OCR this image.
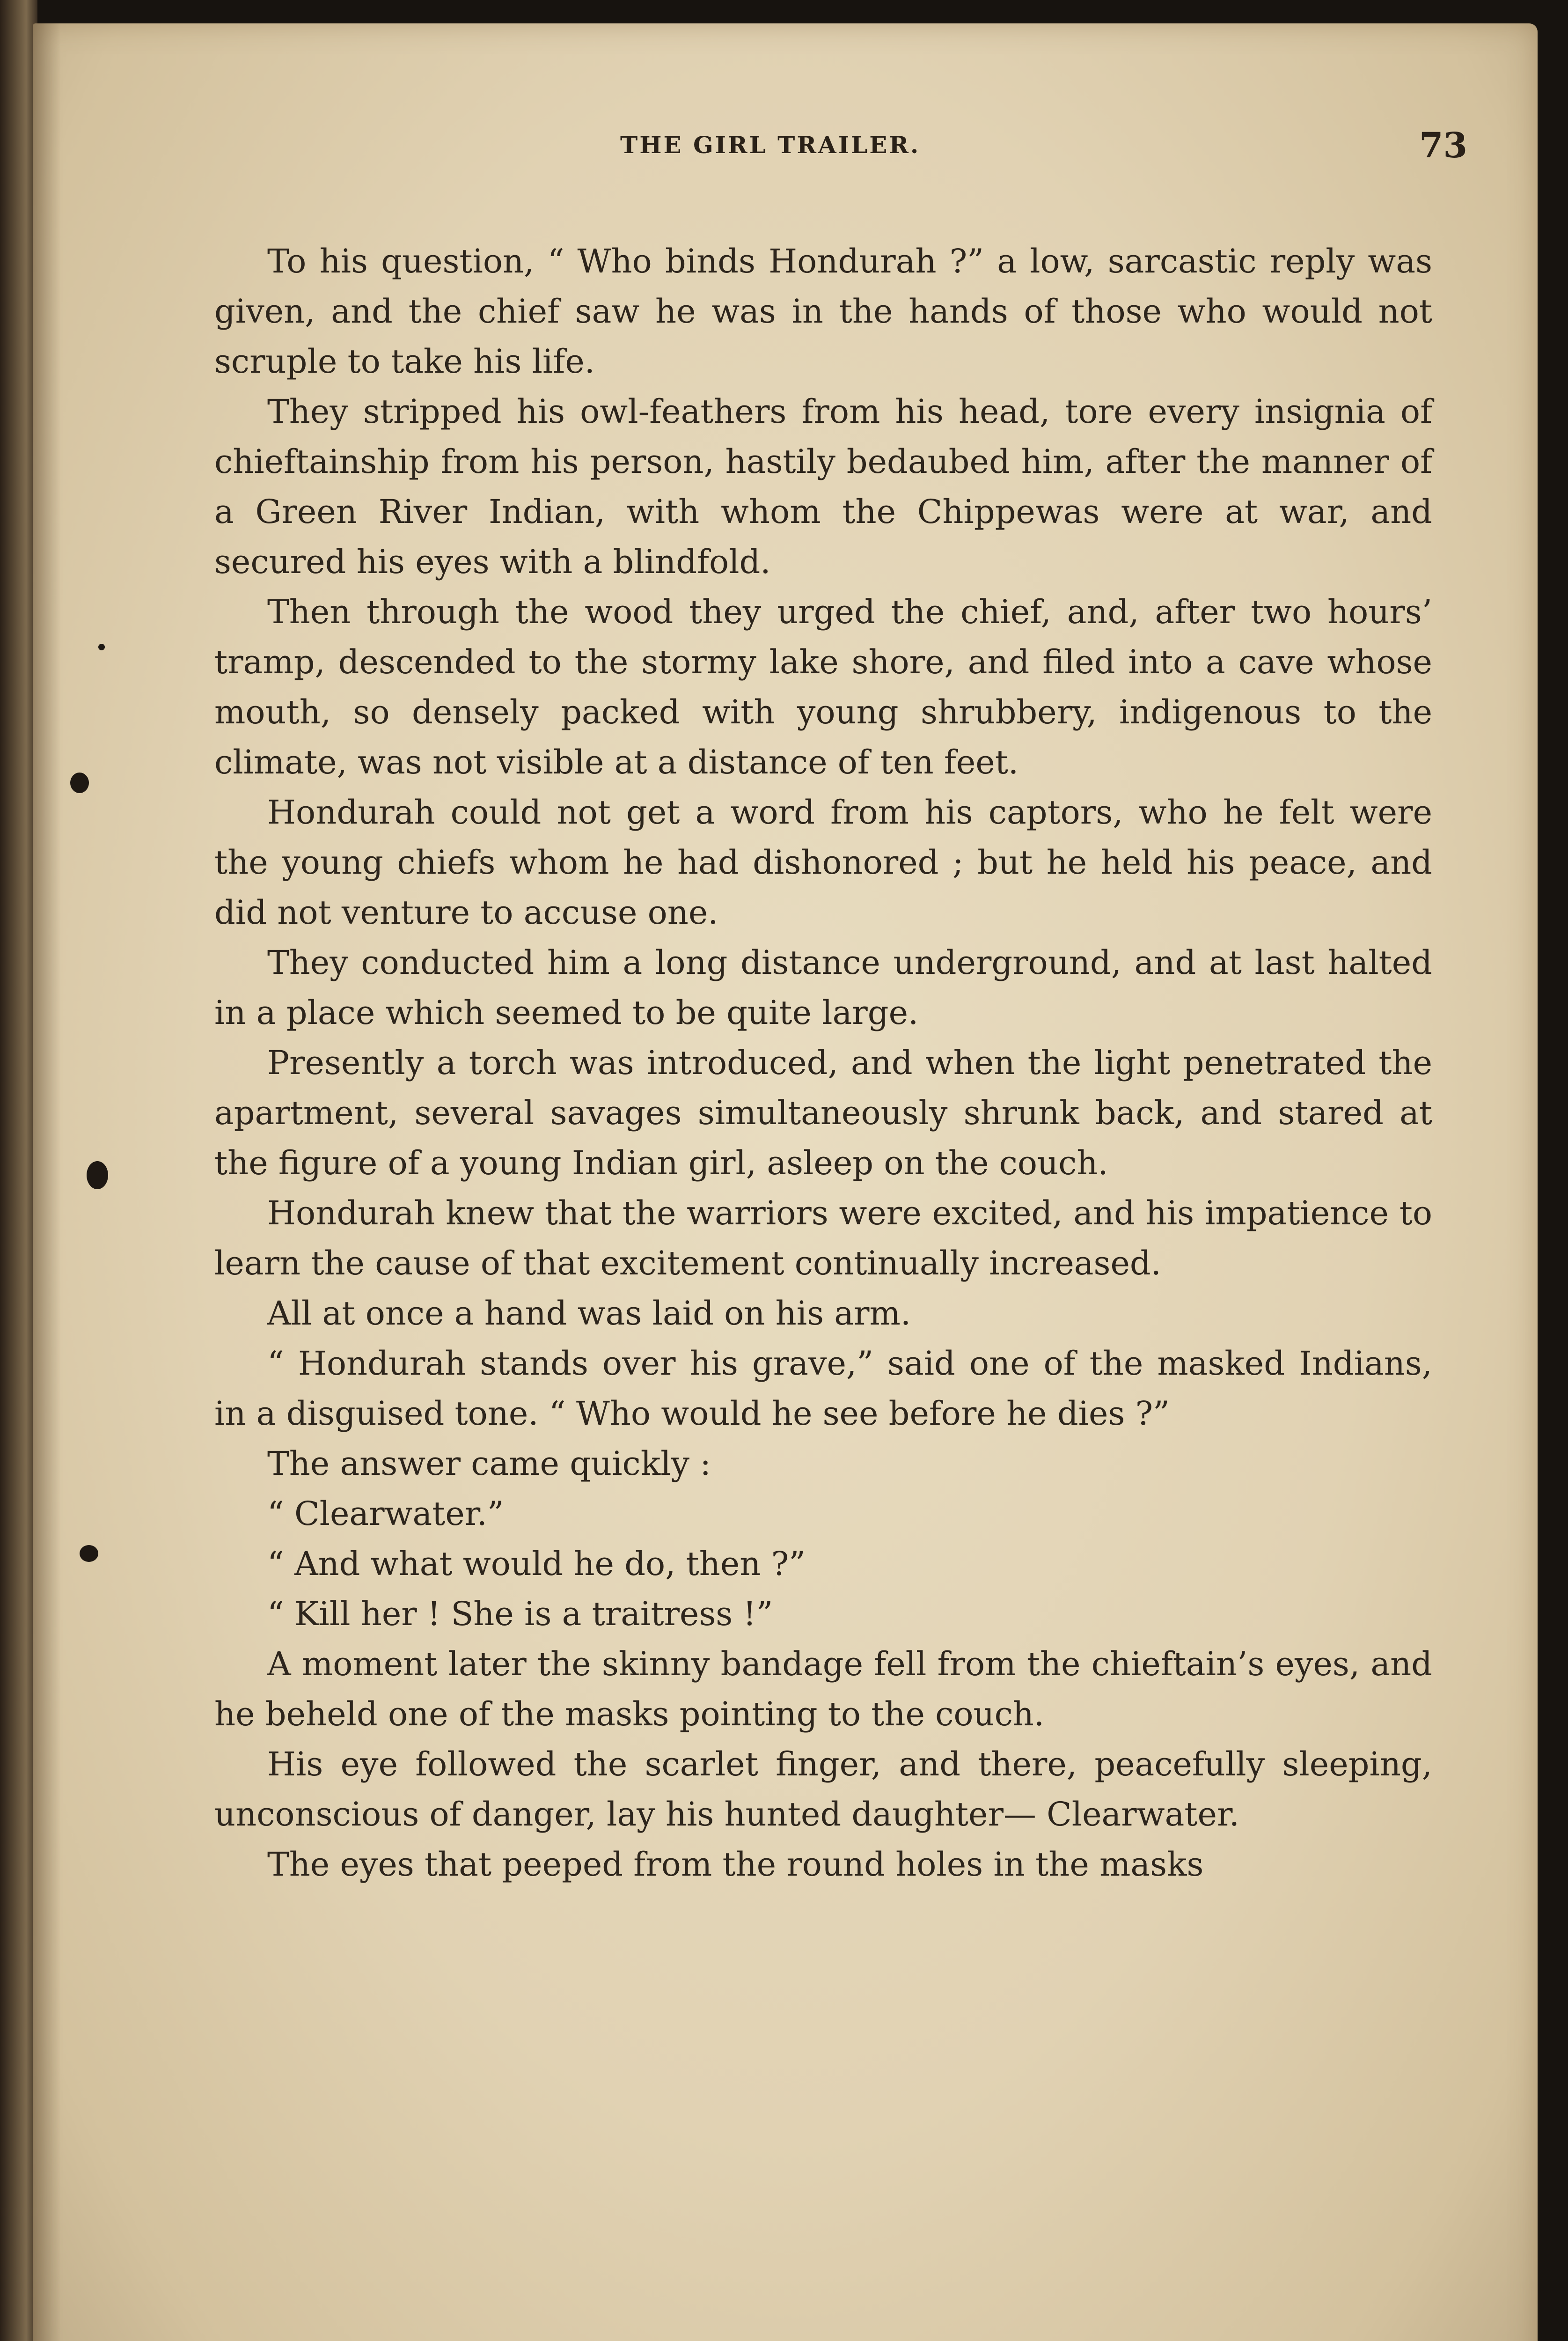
THE GIRL TRAILER.	73

To his question, “ Who binds Hondurah ?” a low, sarcastic reply was given, and the chief saw he was in the hands of those who would not scruple to take his life.

They stripped his owl-feathers from his head, tore every insignia of chieftainship from his person, hastily bedaubed him, after the manner of a Green River Indian, with whom the Chippewas were at war, and secured his eyes with a blindfold.

Then through the wood they urged the chief, and, after two hours’ tramp, descended to the stormy lake shore, and filed into a cave whose mouth, so densely packed with young shrubbery, indigenous to the climate, was not visible at a distance of ten feet.

Hondurah could not get a word from his captors, who he felt were the young chiefs whom he had dishonored ; but he held his peace, and did not venture to accuse one.

They conducted him a long distance underground, and at last halted in a place which seemed to be quite large.

Presently a torch was introduced, and when the light penetrated the apartment, several savages simultaneously shrunk back, and stared at the figure of a young Indian girl, asleep on the couch.

Hondurah knew that the warriors were excited, and his impatience to learn the cause of that excitement continually increased.

All at once a hand was laid on his arm.

“ Hondurah stands over his grave,” said one of the masked Indians, in a disguised tone. “ Who would he see before he dies ?”

The answer came quickly :

“ Clearwater.”

“ And what would he do, then ?”

“ Kill her ! She is a traitress !”

A moment later the skinny bandage fell from the chieftain’s eyes, and he beheld one of the masks pointing to the couch.

His eye followed the scarlet finger, and there, peacefully sleeping, unconscious of danger, lay his hunted daughter— Clearwater.

The eyes that peeped from the round holes in the masks
